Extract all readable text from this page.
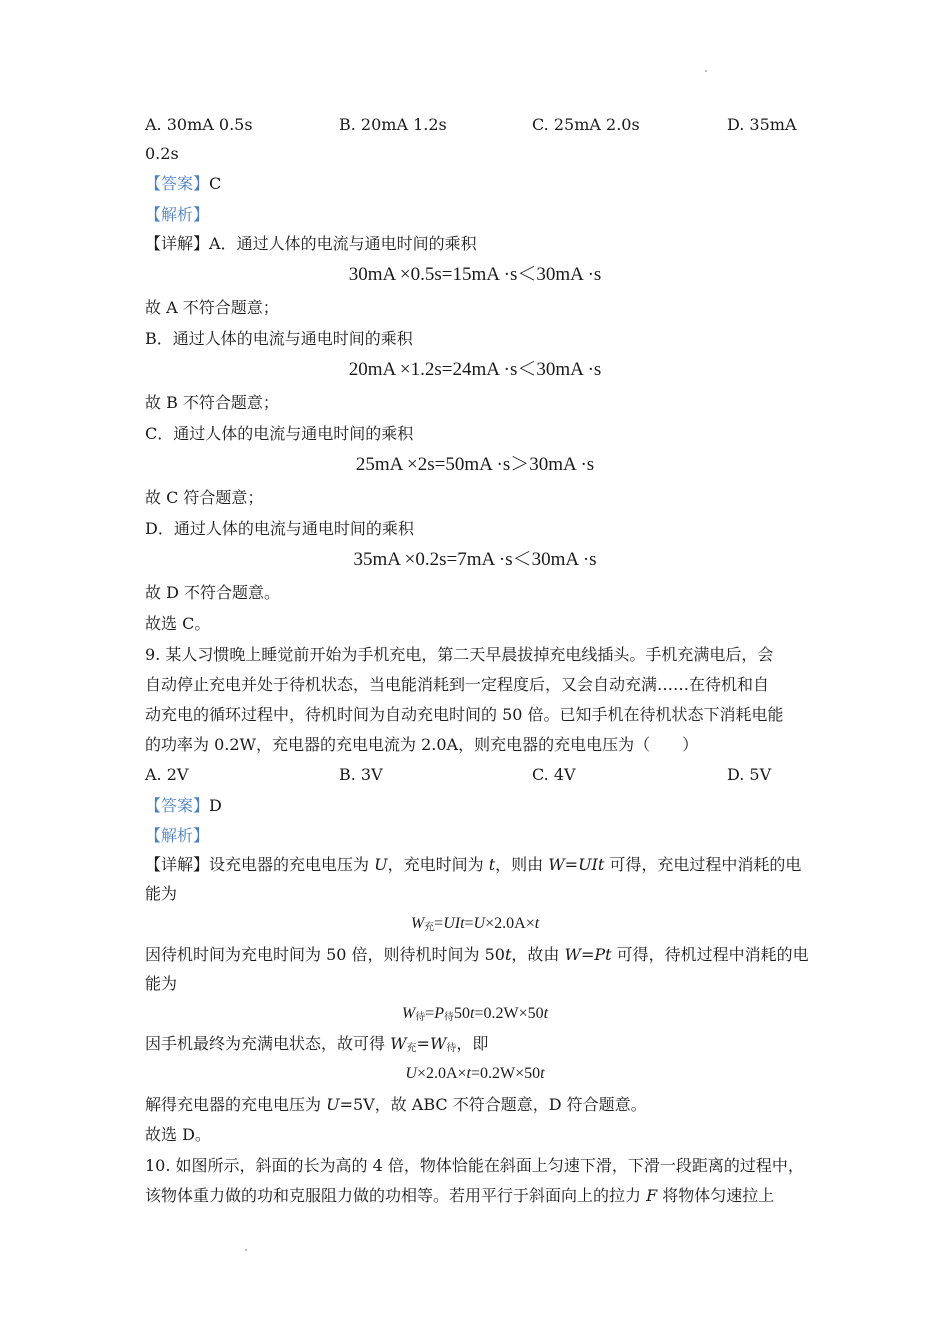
A. 30mA 0.5s	B. 20mA 1.2s	C. 25mA 2.0s	D. 35mA
0.2s
【答案】C
【解析】
【详解】A．通过人体的电流与通电时间的乘积
30mA ×0.5s=15mA ·s＜30mA ·s
故 A 不符合题意；
B．通过人体的电流与通电时间的乘积
20mA ×1.2s=24mA ·s＜30mA ·s
故 B 不符合题意；
C．通过人体的电流与通电时间的乘积
25mA ×2s=50mA ·s＞30mA ·s
故 C 符合题意；
D．通过人体的电流与通电时间的乘积
35mA ×0.2s=7mA ·s＜30mA ·s
故 D 不符合题意。
故选 C。
9. 某人习惯晚上睡觉前开始为手机充电，第二天早晨拔掉充电线插头。手机充满电后，会
自动停止充电并处于待机状态，当电能消耗到一定程度后，又会自动充满……在待机和自
动充电的循环过程中，待机时间为自动充电时间的 50 倍。已知手机在待机状态下消耗电能
的功率为 0.2W，充电器的充电电流为 2.0A，则充电器的充电电压为（　　）
A. 2V	B. 3V	C. 4V	D. 5V
【答案】D
【解析】
【详解】设充电器的充电电压为 U，充电时间为 t，则由 W=UIt 可得，充电过程中消耗的电
能为
$W_充=UIt=U\times 2.0A\times t$
因待机时间为充电时间为 50 倍，则待机时间为 50t，故由 W=Pt 可得，待机过程中消耗的电
能为
$W_待=P_待50t=0.2W\times 50t$
因手机最终为充满电状态，故可得 $W_充=W_待$，即
U×2.0A×t=0.2W×50t
解得充电器的充电电压为 U=5V，故 ABC 不符合题意，D 符合题意。
故选 D。
10. 如图所示，斜面的长为高的 4 倍，物体恰能在斜面上匀速下滑，下滑一段距离的过程中，
该物体重力做的功和克服阻力做的功相等。若用平行于斜面向上的拉力 F 将物体匀速拉上
